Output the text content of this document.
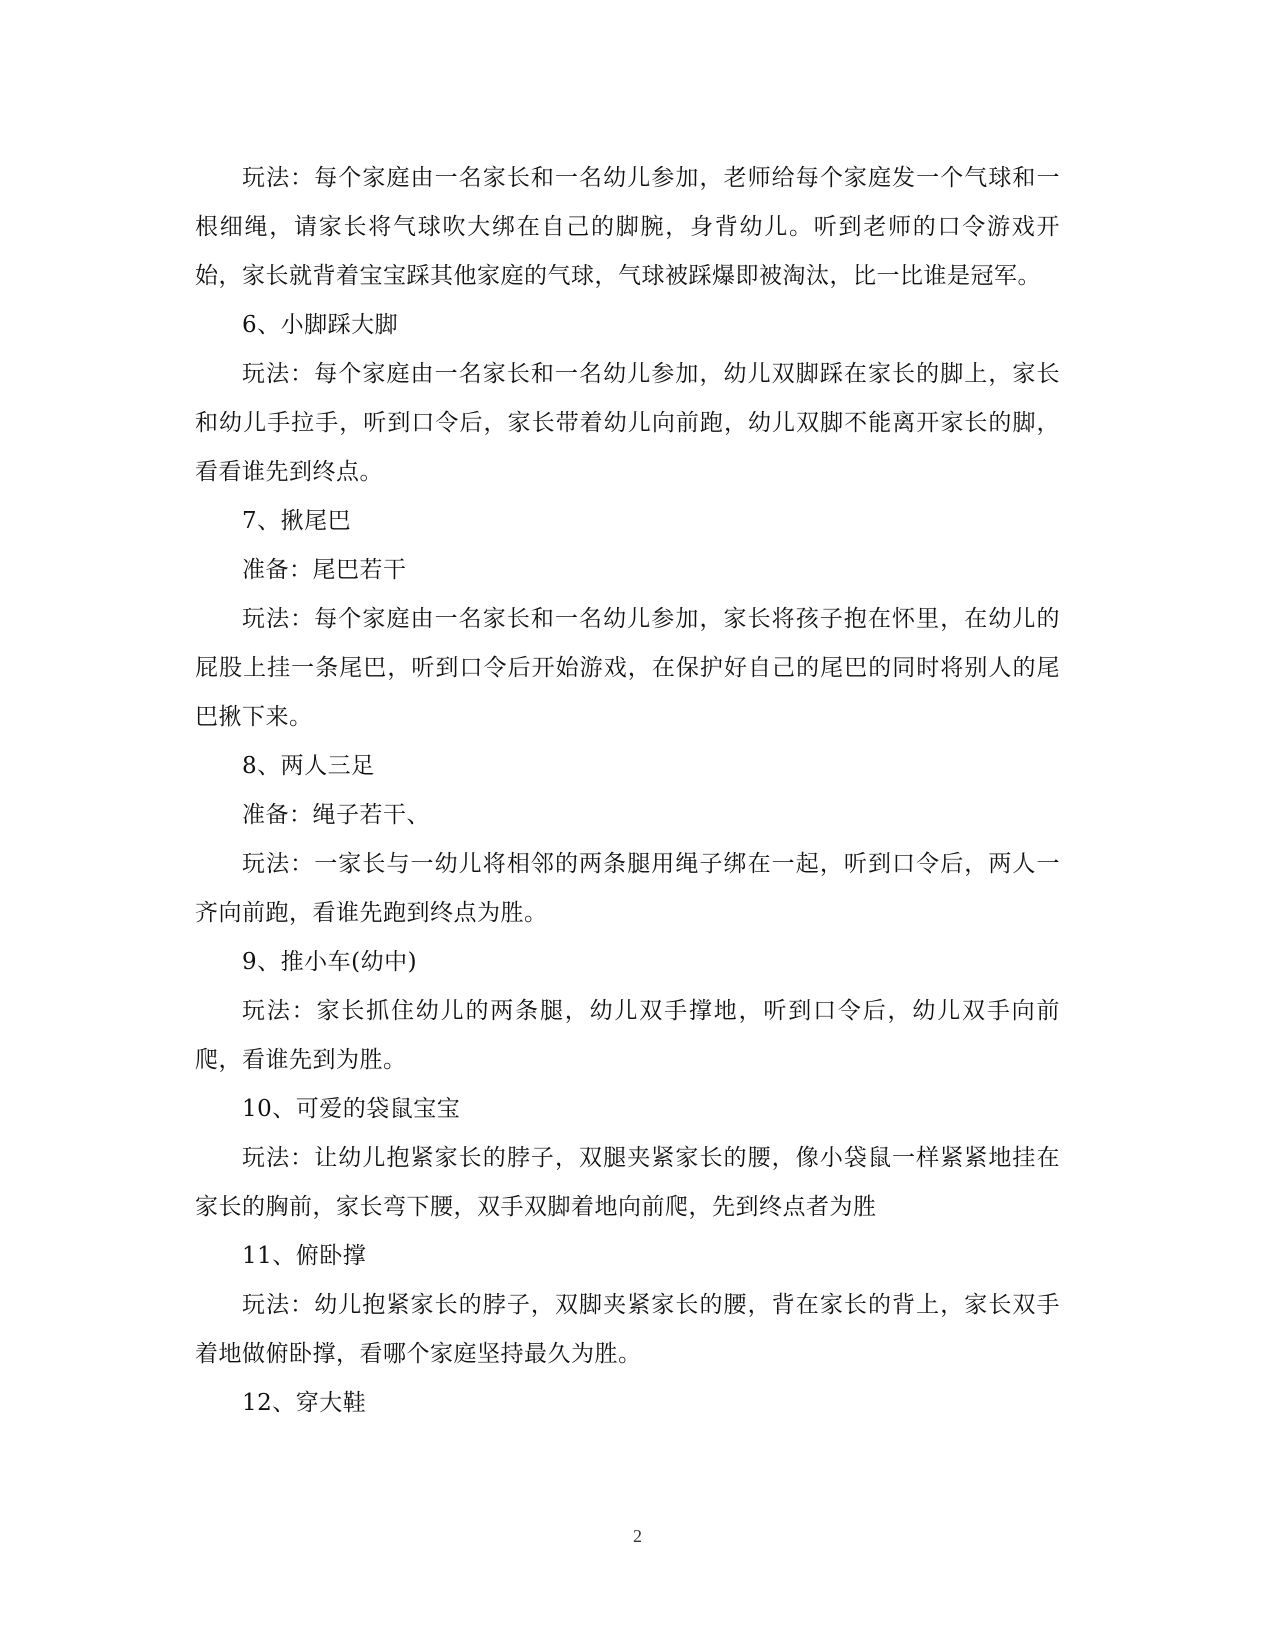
玩法：每个家庭由一名家长和一名幼儿参加，老师给每个家庭发一个气球和一根细绳，请家长将气球吹大绑在自己的脚腕，身背幼儿。听到老师的口令游戏开始，家长就背着宝宝踩其他家庭的气球，气球被踩爆即被淘汰，比一比谁是冠军。

6、小脚踩大脚

玩法：每个家庭由一名家长和一名幼儿参加，幼儿双脚踩在家长的脚上，家长和幼儿手拉手，听到口令后，家长带着幼儿向前跑，幼儿双脚不能离开家长的脚，看看谁先到终点。

7、揪尾巴

准备：尾巴若干

玩法：每个家庭由一名家长和一名幼儿参加，家长将孩子抱在怀里，在幼儿的屁股上挂一条尾巴，听到口令后开始游戏，在保护好自己的尾巴的同时将别人的尾巴揪下来。

8、两人三足

准备：绳子若干、

玩法：一家长与一幼儿将相邻的两条腿用绳子绑在一起，听到口令后，两人一齐向前跑，看谁先跑到终点为胜。

9、推小车(幼中)

玩法：家长抓住幼儿的两条腿，幼儿双手撑地，听到口令后，幼儿双手向前爬，看谁先到为胜。

10、可爱的袋鼠宝宝

玩法：让幼儿抱紧家长的脖子，双腿夹紧家长的腰，像小袋鼠一样紧紧地挂在家长的胸前，家长弯下腰，双手双脚着地向前爬，先到终点者为胜

11、俯卧撑

玩法：幼儿抱紧家长的脖子，双脚夹紧家长的腰，背在家长的背上，家长双手着地做俯卧撑，看哪个家庭坚持最久为胜。

12、穿大鞋

2
